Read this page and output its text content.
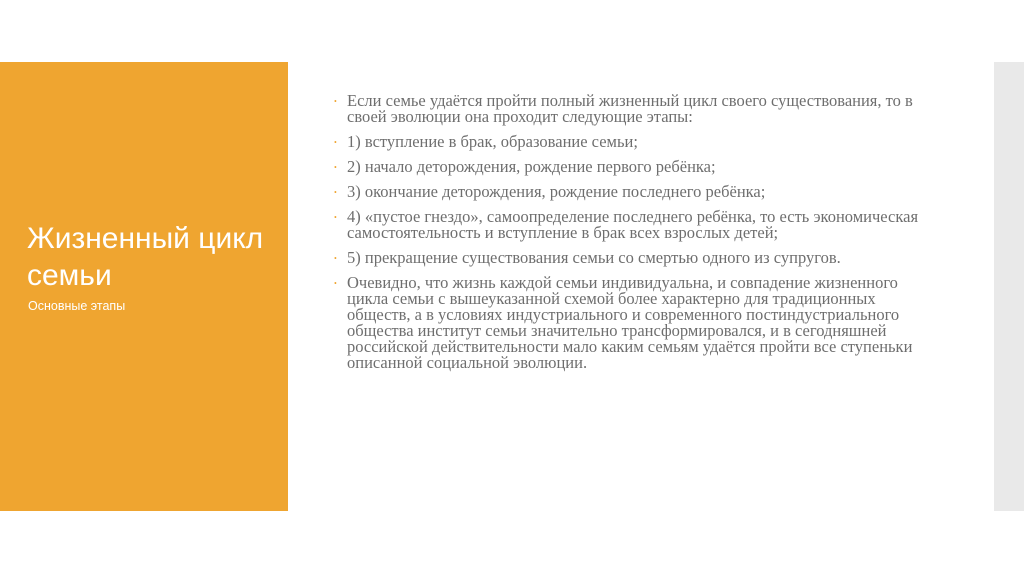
Жизненный цикл семьи

Основные этапы

• Если семье удаётся пройти полный жизненный цикл своего существования, то в своей эволюции она проходит следующие этапы:
• 1) вступление в брак, образование семьи;
• 2) начало деторождения, рождение первого ребёнка;
• 3) окончание деторождения, рождение последнего ребёнка;
• 4) «пустое гнездо», самоопределение последнего ребёнка, то есть экономическая самостоятельность и вступление в брак всех взрослых детей;
• 5) прекращение существования семьи со смертью одного из супругов.
• Очевидно, что жизнь каждой семьи индивидуальна, и совпадение жизненного цикла семьи с вышеуказанной схемой более характерно для традиционных обществ, а в условиях индустриального и современного постиндустриального общества институт семьи значительно трансформировался, и в сегодняшней российской действительности мало каким семьям удаётся пройти все ступеньки описанной социальной эволюции.
